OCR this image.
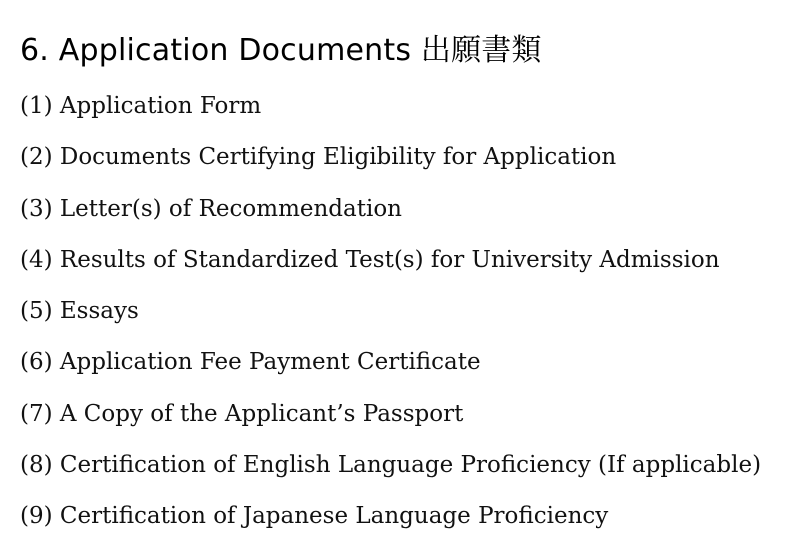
6. Application Documents 出願書類
(1) Application Form
(2) Documents Certifying Eligibility for Application
(3) Letter(s) of Recommendation
(4) Results of Standardized Test(s) for University Admission
(5) Essays
(6) Application Fee Payment Certificate
(7) A Copy of the Applicant’s Passport
(8) Certification of English Language Proficiency (If applicable)
(9) Certification of Japanese Language Proficiency
